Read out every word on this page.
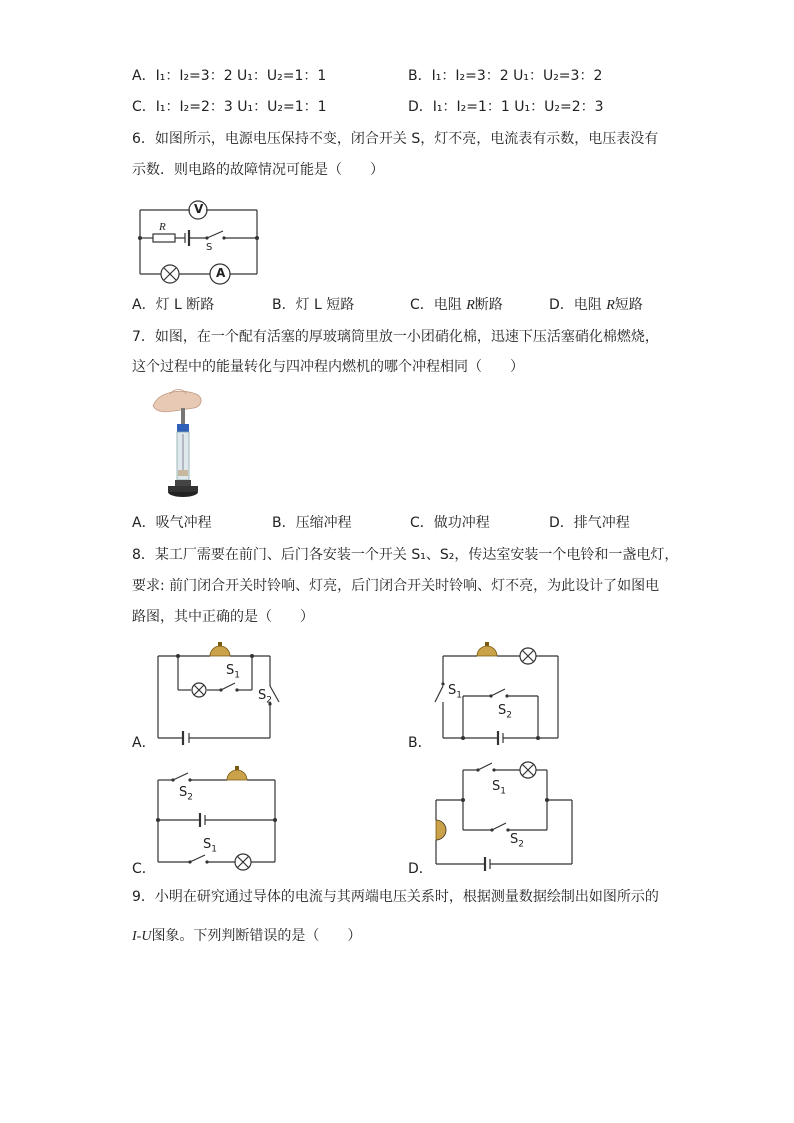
A．I₁：I₂=3：2 U₁：U₂=1：1	B．I₁：I₂=3：2 U₁：U₂=3：2
C．I₁：I₂=2：3 U₁：U₂=1：1	D．I₁：I₂=1：1 U₁：U₂=2：3
6．如图所示，电源电压保持不变，闭合开关 S，灯不亮，电流表有示数，电压表没有
示数．则电路的故障情况可能是（　　）
V
A
R
S
A．灯 L 断路	B．灯 L 短路	C．电阻 R断路	D．电阻 R短路
7．如图，在一个配有活塞的厚玻璃筒里放一小团硝化棉，迅速下压活塞硝化棉燃烧，
这个过程中的能量转化与四冲程内燃机的哪个冲程相同（　　）
A．吸气冲程	B．压缩冲程	C．做功冲程	D．排气冲程
8．某工厂需要在前门、后门各安装一个开关 S₁、S₂，传达室安装一个电铃和一盏电灯，
要求: 前门闭合开关时铃响、灯亮，后门闭合开关时铃响、灯不亮，为此设计了如图电
路图，其中正确的是（　　）
A．
$S_1$
$S_2$
B．
$S_1$
$S_2$
C．
$S_2$
$S_1$
D．
$S_1$
$S_2$
9．小明在研究通过导体的电流与其两端电压关系时，根据测量数据绘制出如图所示的
I-U图象。下列判断错误的是（　　）
